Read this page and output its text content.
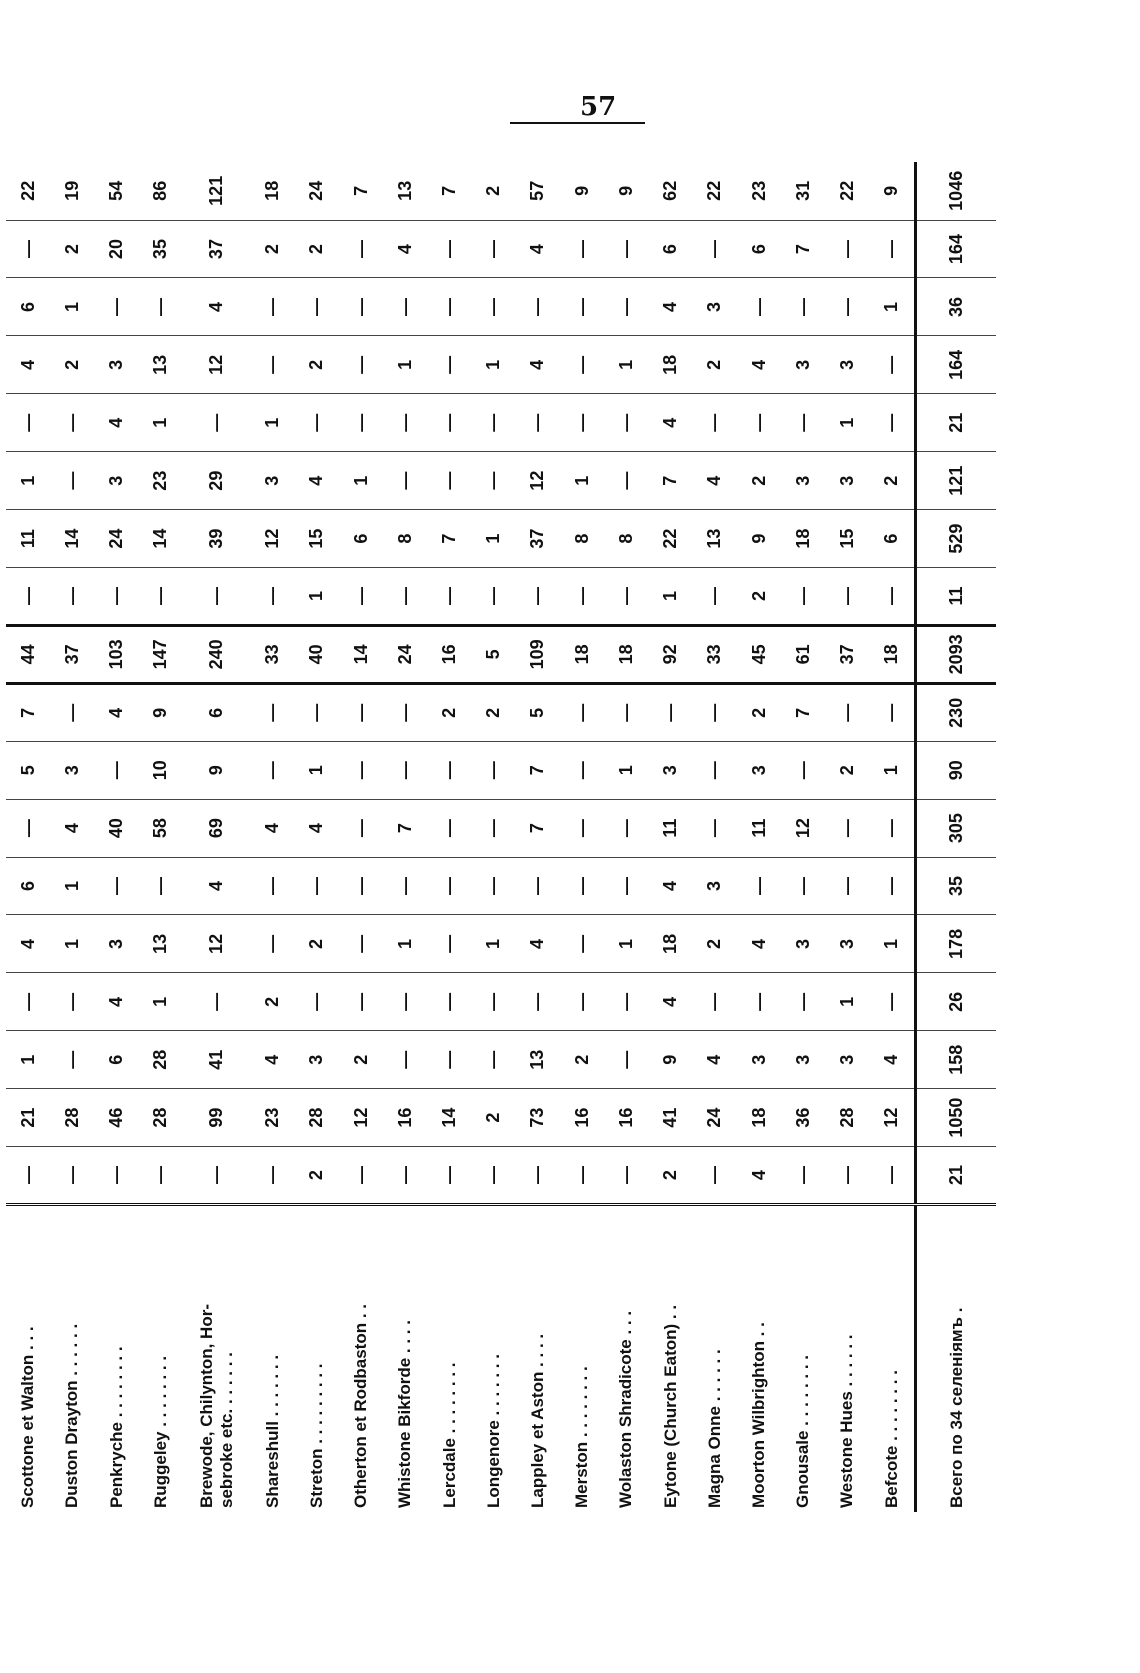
57
Scottone et Walton . . .	—	21	1	—	4	6	—	5	7	44	—	11	1	—	4	6	—	22
Duston Drayton . . . . . .	—	28	—	—	1	1	4	3	—	37	—	14	—	—	2	1	2	19
Penkryche . . . . . . . .	—	46	6	4	3	—	40	—	4	103	—	24	3	4	3	—	20	54
Ruggeley . . . . . . . .	—	28	28	1	13	—	58	10	9	147	—	14	23	1	13	—	35	86
Brewode, Chilynton, Hor-
sebroke etc. . . . . . .	—	99	41	—	12	4	69	9	6	240	—	39	29	—	12	4	37	121
Shareshull . . . . . . .	—	23	4	2	—	—	4	—	—	33	—	12	3	1	—	—	2	18
Streton . . . . . . . . .	2	28	3	—	2	—	4	1	—	40	1	15	4	—	2	—	2	24
Otherton et Rodbaston . .	—	12	2	—	—	—	—	—	—	14	—	6	1	—	—	—	—	7
Whistone Bikforde . . . .	—	16	—	—	1	—	7	—	—	24	—	8	—	—	1	—	4	13
Lercdale . . . . . . . .	—	14	—	—	—	—	—	—	2	16	—	7	—	—	—	—	—	7
Longenore . . . . . . .	—	2	—	—	1	—	—	—	2	5	—	1	—	—	1	—	—	2
Lappley et Aston . . . .	—	73	13	—	4	—	7	7	5	109	—	37	12	—	4	—	4	57
Merston . . . . . . . .	—	16	2	—	—	—	—	—	—	18	—	8	1	—	—	—	—	9
Wolaston Shradicote . . .	—	16	—	—	1	—	—	1	—	18	—	8	—	—	1	—	—	9
Eytone (Church Eaton) . .	2	41	9	4	18	4	11	3	—	92	1	22	7	4	18	4	6	62
Magna Onne . . . . . .	—	24	4	—	2	3	—	—	—	33	—	13	4	—	2	3	—	22
Moorton Wilbrighton . .	4	18	3	—	4	—	11	3	2	45	2	9	2	—	4	—	6	23
Gnousale . . . . . . . .	—	36	3	—	3	—	12	—	7	61	—	18	3	—	3	—	7	31
Westone Hues . . . . . .	—	28	3	1	3	—	—	2	—	37	—	15	3	1	3	—	—	22
Befcote . . . . . . . .	—	12	4	—	1	—	—	1	—	18	—	6	2	—	—	1	—	9
Всего по 34 селеніямъ .	21	1050	158	26	178	35	305	90	230	2093	11	529	121	21	164	36	164	1046
